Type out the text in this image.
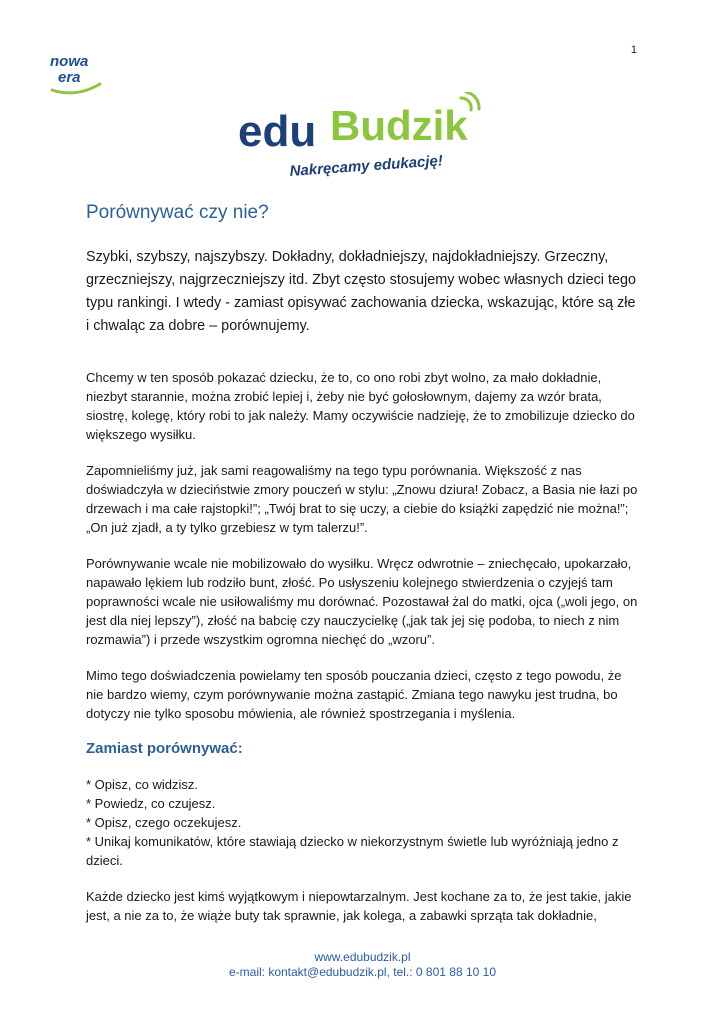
1
nowa
era
edu Budzik
Nakręcamy edukację!
Porównywać czy nie?

Szybki, szybszy, najszybszy. Dokładny, dokładniejszy, najdokładniejszy. Grzeczny, grzeczniejszy, najgrzeczniejszy itd. Zbyt często stosujemy wobec własnych dzieci tego typu rankingi. I wtedy - zamiast opisywać zachowania dziecka, wskazując, które są złe i chwaląc za dobre – porównujemy.

Chcemy w ten sposób pokazać dziecku, że to, co ono robi zbyt wolno, za mało dokładnie, niezbyt starannie, można zrobić lepiej i, żeby nie być gołosłownym, dajemy za wzór brata, siostrę, kolegę, który robi to jak należy. Mamy oczywiście nadzieję, że to zmobilizuje dziecko do większego wysiłku.

Zapomnieliśmy już, jak sami reagowaliśmy na tego typu porównania. Większość z nas doświadczyła w dzieciństwie zmory pouczeń w stylu: „Znowu dziura! Zobacz, a Basia nie łazi po drzewach i ma całe rajstopki!”; „Twój brat to się uczy, a ciebie do książki zapędzić nie można!”; „On już zjadł, a ty tylko grzebiesz w tym talerzu!”.

Porównywanie wcale nie mobilizowało do wysiłku. Wręcz odwrotnie – zniechęcało, upokarzało, napawało lękiem lub rodziło bunt, złość. Po usłyszeniu kolejnego stwierdzenia o czyjejś tam poprawności wcale nie usiłowaliśmy mu dorównać. Pozostawał żal do matki, ojca („woli jego, on jest dla niej lepszy”), złość na babcię czy nauczycielkę („jak tak jej się podoba, to niech z nim rozmawia”) i przede wszystkim ogromna niechęć do „wzoru”.

Mimo tego doświadczenia powielamy ten sposób pouczania dzieci, często z tego powodu, że nie bardzo wiemy, czym porównywanie można zastąpić. Zmiana tego nawyku jest trudna, bo dotyczy nie tylko sposobu mówienia, ale również spostrzegania i myślenia.

Zamiast porównywać:
* Opisz, co widzisz.
* Powiedz, co czujesz.
* Opisz, czego oczekujesz.
* Unikaj komunikatów, które stawiają dziecko w niekorzystnym świetle lub wyróżniają jedno z dzieci.

Każde dziecko jest kimś wyjątkowym i niepowtarzalnym. Jest kochane za to, że jest takie, jakie jest, a nie za to, że wiąże buty tak sprawnie, jak kolega, a zabawki sprząta tak dokładnie,

www.edubudzik.pl
e-mail: kontakt@edubudzik.pl, tel.: 0 801 88 10 10
